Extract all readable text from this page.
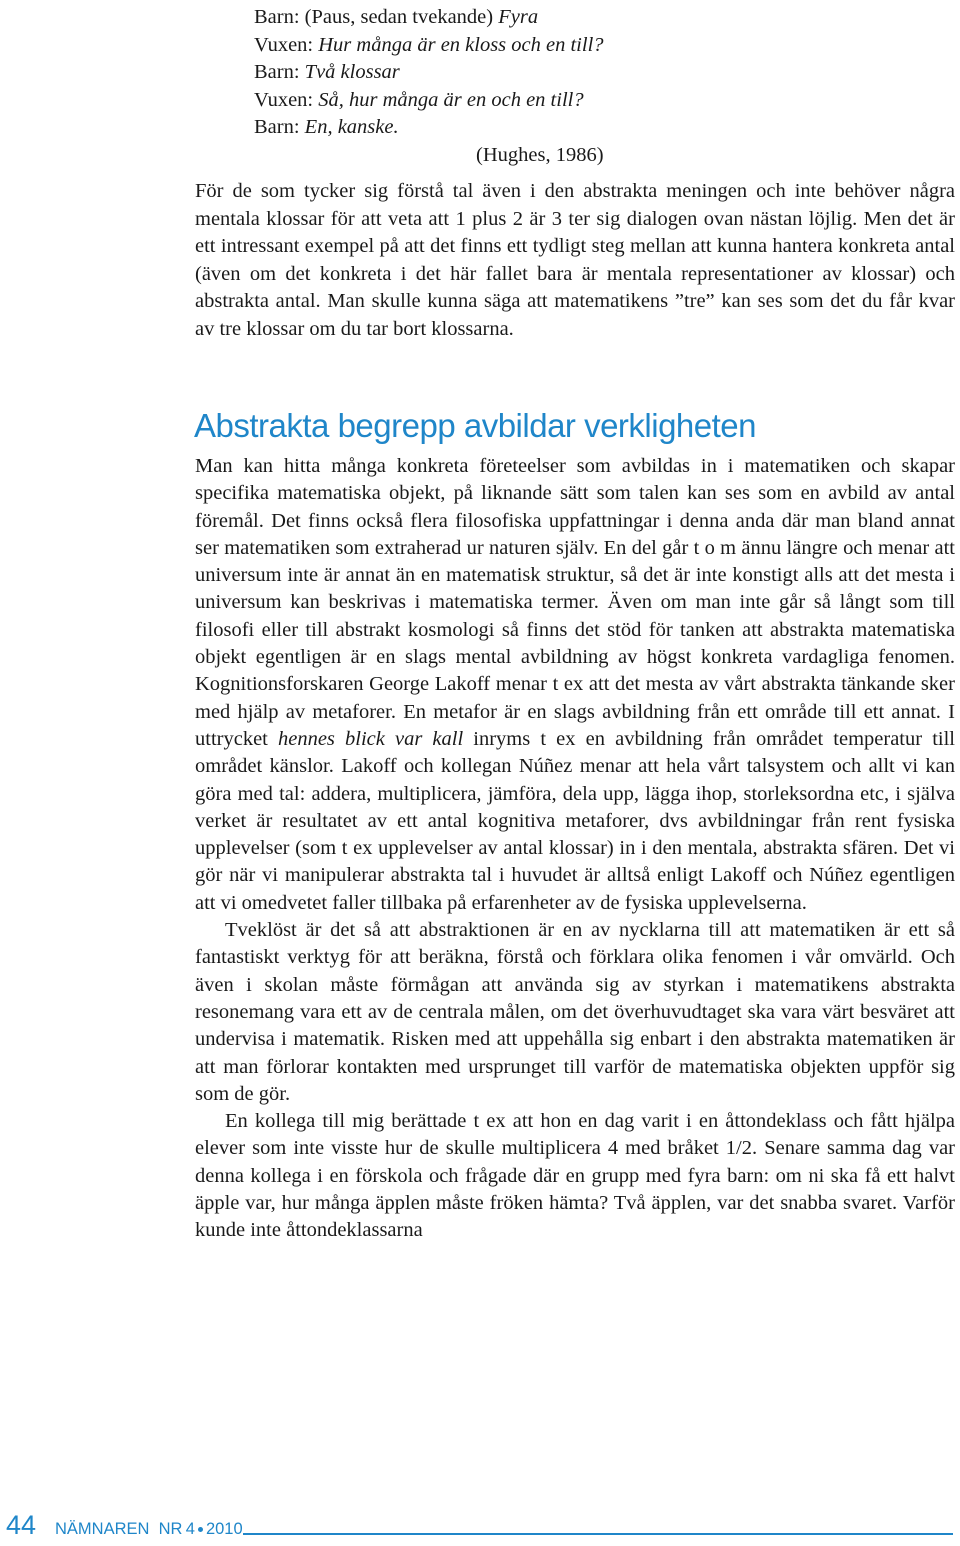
Barn: (Paus, sedan tvekande) Fyra
Vuxen: Hur många är en kloss och en till?
Barn: Två klossar
Vuxen: Så, hur många är en och en till?
Barn: En, kanske.
(Hughes, 1986)

För de som tycker sig förstå tal även i den abstrakta meningen och inte behöver några mentala klossar för att veta att 1 plus 2 är 3 ter sig dialogen ovan nästan löjlig. Men det är ett intressant exempel på att det finns ett tydligt steg mellan att kunna hantera konkreta antal (även om det konkreta i det här fallet bara är mentala representationer av klossar) och abstrakta antal. Man skulle kunna säga att matematikens ”tre” kan ses som det du får kvar av tre klossar om du tar bort klossarna.

Abstrakta begrepp avbildar verkligheten

Man kan hitta många konkreta företeelser som avbildas in i matematiken och skapar specifika matematiska objekt, på liknande sätt som talen kan ses som en avbild av antal föremål. Det finns också flera filosofiska uppfattningar i denna anda där man bland annat ser matematiken som extraherad ur naturen själv. En del går t o m ännu längre och menar att universum inte är annat än en matematisk struktur, så det är inte konstigt alls att det mesta i universum kan beskrivas i matematiska termer. Även om man inte går så långt som till filosofi eller till abstrakt kosmologi så finns det stöd för tanken att abstrakta matematiska objekt egentligen är en slags mental avbildning av högst konkreta vardagliga fenomen. Kognitionsforskaren George Lakoff menar t ex att det mesta av vårt abstrakta tänkande sker med hjälp av metaforer. En metafor är en slags avbildning från ett område till ett annat. I uttrycket hennes blick var kall inryms t ex en avbildning från området temperatur till området känslor. Lakoff och kollegan Núñez menar att hela vårt talsystem och allt vi kan göra med tal: addera, multiplicera, jämföra, dela upp, lägga ihop, storleksordna etc, i själva verket är resultatet av ett antal kognitiva metaforer, dvs avbildningar från rent fysiska upplevelser (som t ex upplevelser av antal klossar) in i den mentala, abstrakta sfären. Det vi gör när vi manipulerar abstrakta tal i huvudet är alltså enligt Lakoff och Núñez egentligen att vi omedvetet faller tillbaka på erfarenheter av de fysiska upplevelserna.

Tveklöst är det så att abstraktionen är en av nycklarna till att matematiken är ett så fantastiskt verktyg för att beräkna, förstå och förklara olika fenomen i vår omvärld. Och även i skolan måste förmågan att använda sig av styrkan i matematikens abstrakta resonemang vara ett av de centrala målen, om det överhuvudtaget ska vara värt besväret att undervisa i matematik. Risken med att uppehålla sig enbart i den abstrakta matematiken är att man förlorar kontakten med ursprunget till varför de matematiska objekten uppför sig som de gör.

En kollega till mig berättade t ex att hon en dag varit i en åttondeklass och fått hjälpa elever som inte visste hur de skulle multiplicera 4 med bråket 1/2. Senare samma dag var denna kollega i en förskola och frågade där en grupp med fyra barn: om ni ska få ett halvt äpple var, hur många äpplen måste fröken hämta? Två äpplen, var det snabba svaret. Varför kunde inte åttondeklassarna

44 NÄMNAREN NR  4 2010
